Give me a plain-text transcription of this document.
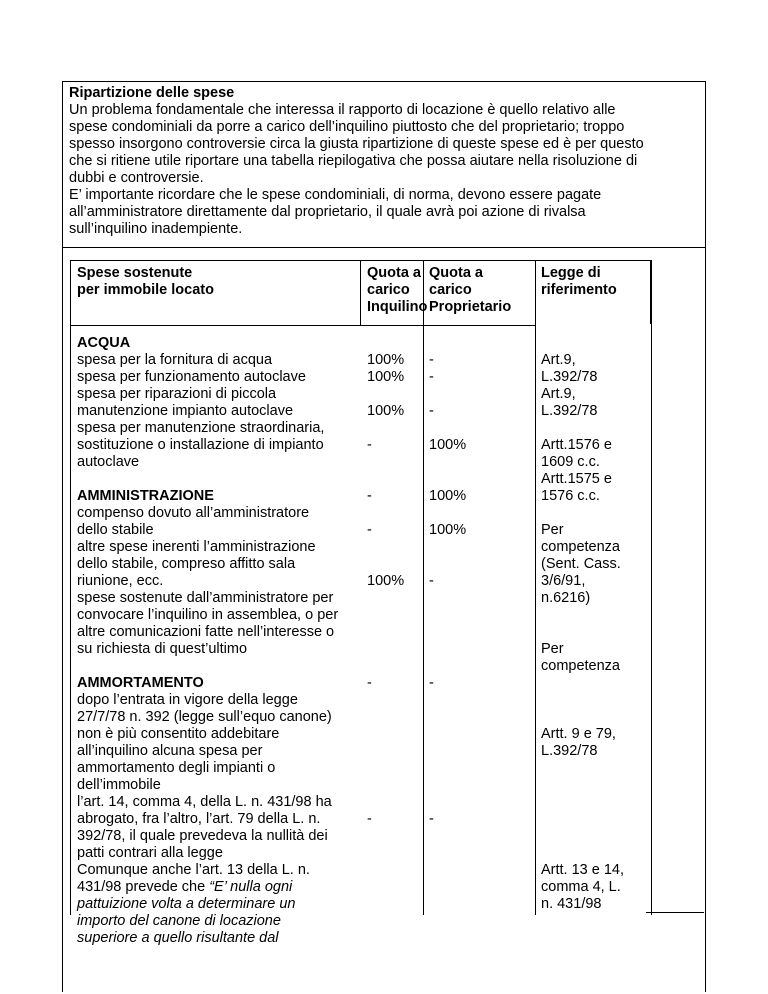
Ripartizione delle spese
Un problema fondamentale che interessa il rapporto di locazione è quello relativo alle
spese condominiali da porre a carico dell’inquilino piuttosto che del proprietario; troppo
spesso insorgono controversie circa la giusta ripartizione di queste spese ed è per questo
che si ritiene utile riportare una tabella riepilogativa che possa aiutare nella risoluzione di
dubbi e controversie.
E’ importante ricordare che le spese condominiali, di norma, devono essere pagate
all’amministratore direttamente dal proprietario, il quale avrà poi azione di rivalsa
sull’inquilino inadempiente.
Spese sostenute
per immobile locato
Quota a
carico
Inquilino
Quota a
carico
Proprietario
Legge di
riferimento
ACQUA
spesa per la fornitura di acqua
spesa per funzionamento autoclave
spesa per riparazioni di piccola
manutenzione impianto autoclave
spesa per manutenzione straordinaria,
sostituzione o installazione di impianto
autoclave
AMMINISTRAZIONE
compenso dovuto all’amministratore
dello stabile
altre spese inerenti l’amministrazione
dello stabile, compreso affitto sala
riunione, ecc.
spese sostenute dall’amministratore per
convocare l’inquilino in assemblea, o per
altre comunicazioni fatte nell’interesse o
su richiesta di quest’ultimo
AMMORTAMENTO
dopo l’entrata in vigore della legge
27/7/78 n. 392 (legge sull’equo canone)
non è più consentito addebitare
all’inquilino alcuna spesa per
ammortamento degli impianti o
dell’immobile
l’art. 14, comma 4, della L. n. 431/98 ha
abrogato, fra l’altro, l’art. 79 della L. n.
392/78, il quale prevedeva la nullità dei
patti contrari alla legge
Comunque anche l’art. 13 della L. n.
431/98 prevede che “E’ nulla ogni
pattuizione volta a determinare un
importo del canone di locazione
superiore a quello risultante dal
100%
100%
100%
-
-
-
100%
-
-
-
-
-
100%
100%
100%
-
-
-
Art.9,
L.392/78
Art.9,
L.392/78
Artt.1576 e
1609 c.c.
Artt.1575 e
1576 c.c.
Per
competenza
(Sent. Cass.
3/6/91,
n.6216)
Per
competenza
Artt. 9 e 79,
L.392/78
Artt. 13 e 14,
comma 4, L.
n. 431/98
